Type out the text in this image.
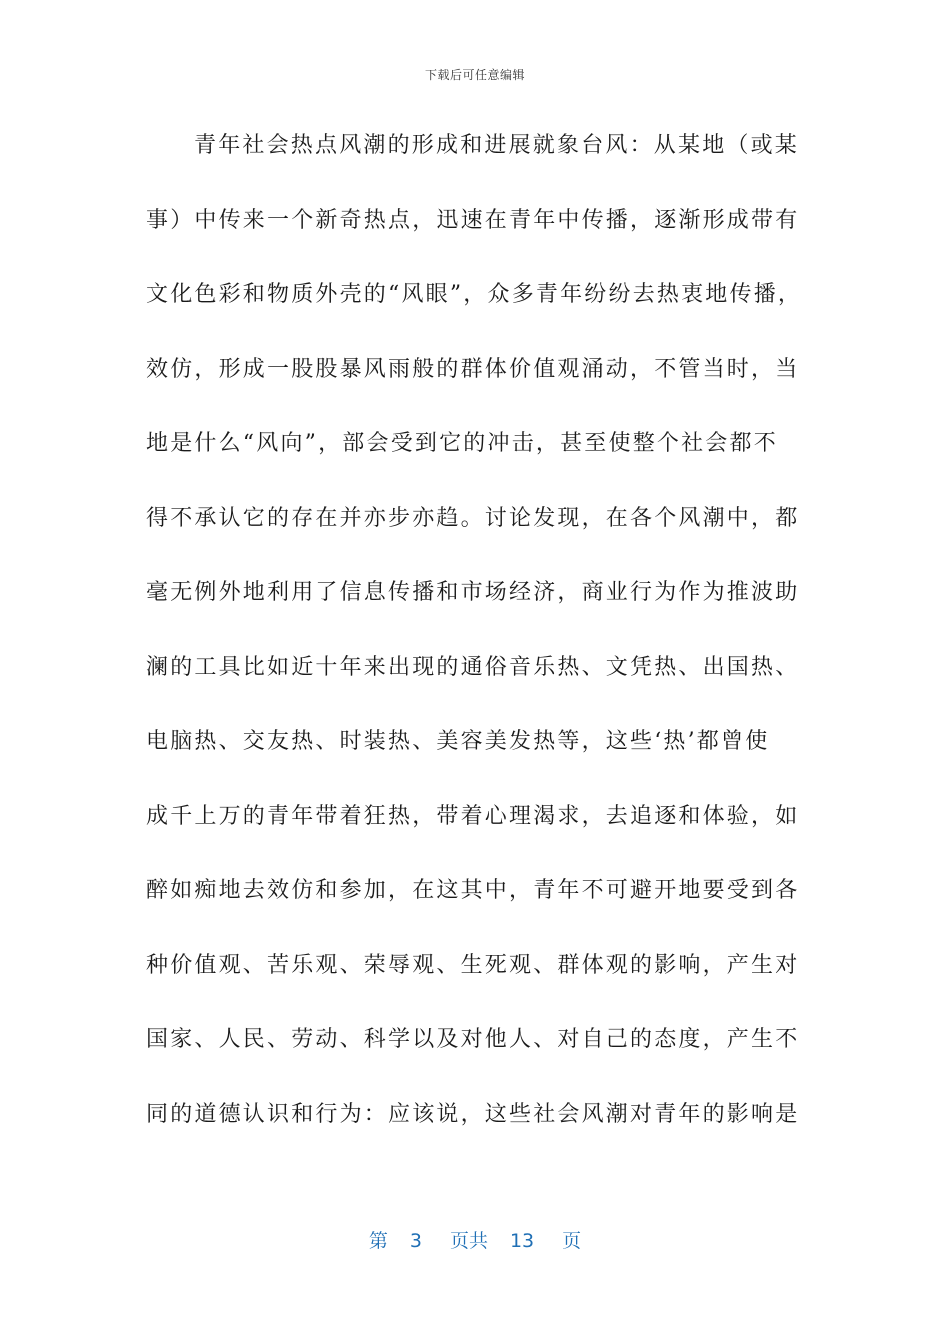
下载后可任意编辑
青年社会热点风潮的形成和进展就象台风：从某地（或某
事）中传来一个新奇热点，迅速在青年中传播，逐渐形成带有
文化色彩和物质外壳的“风眼”，众多青年纷纷去热衷地传播，
效仿，形成一股股暴风雨般的群体价值观涌动，不管当时，当
地是什么“风向”，部会受到它的冲击，甚至使整个社会都不
得不承认它的存在并亦步亦趋。讨论发现，在各个风潮中，都
毫无例外地利用了信息传播和市场经济，商业行为作为推波助
澜的工具比如近十年来出现的通俗音乐热、文凭热、出国热、
电脑热、交友热、时装热、美容美发热等，这些‘热’都曾使
成千上万的青年带着狂热，带着心理渴求，去追逐和体验，如
醉如痴地去效仿和参加，在这其中，青年不可避开地要受到各
种价值观、苦乐观、荣辱观、生死观、群体观的影响，产生对
国家、人民、劳动、科学以及对他人、对自己的态度，产生不
同的道德认识和行为：应该说，这些社会风潮对青年的影响是
第 3 页共 13 页
